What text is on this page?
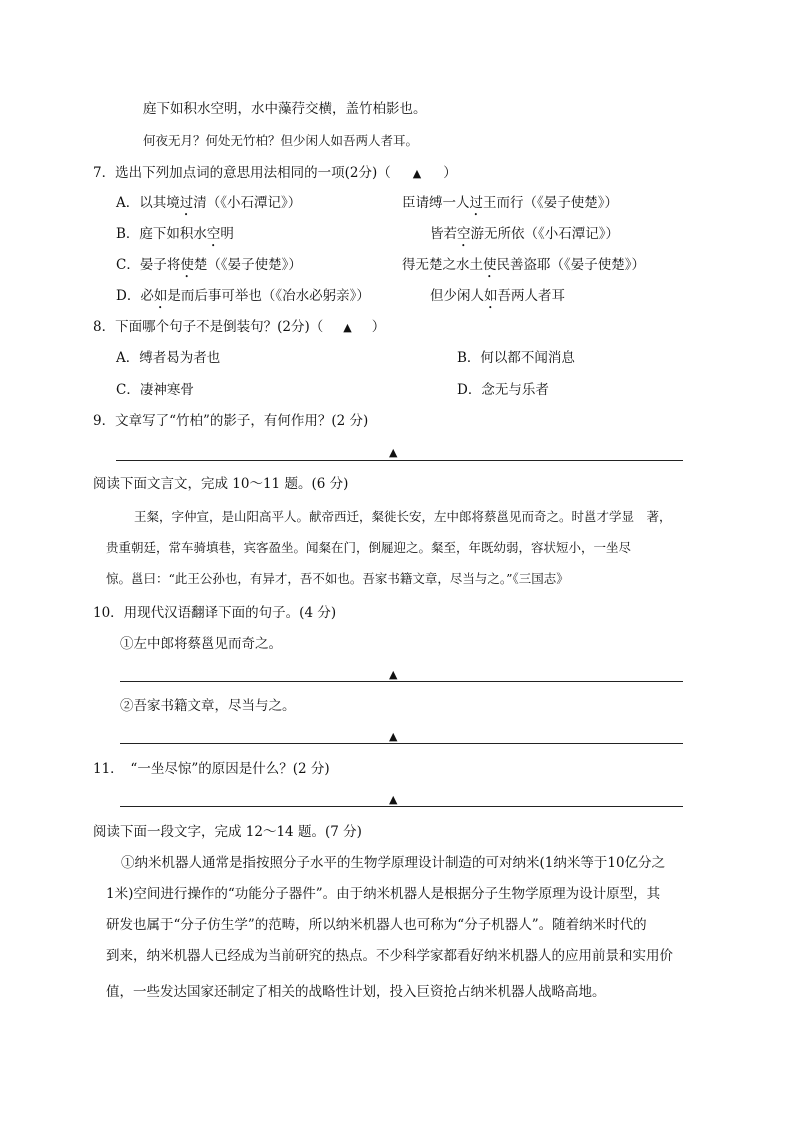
庭下如积水空明，水中藻荇交横，盖竹柏影也。
何夜无月？何处无竹柏？但少闲人如吾两人者耳。
7．选出下列加点词的意思用法相同的一项(2分)（ ▲ ）
A．以其境过清（《小石潭记》）	臣请缚一人过王而行（《晏子使楚》）
B．庭下如积水空明	皆若空游无所依（《小石潭记》）
C．晏子将使楚（《晏子使楚》）	得无楚之水土使民善盗耶（《晏子使楚》）
D．必如是而后事可举也（《冶水必躬亲》）	但少闲人如吾两人者耳
8．下面哪个句子不是倒装句？(2分)（ ▲ ）
A．缚者曷为者也	B．何以都不闻消息
C．凄神寒骨	D．念无与乐者
9．文章写了“竹柏”的影子，有何作用？(2 分)
▲
阅读下面文言文，完成 10～11 题。(6 分)
王粲，字仲宣，是山阳高平人。献帝西迁，粲徙长安，左中郎将蔡邕见而奇之。时邕才学显　著，
贵重朝廷，常车骑填巷，宾客盈坐。闻粲在门，倒屣迎之。粲至，年既幼弱，容状短小，一坐尽
惊。邕曰：“此王公孙也，有异才，吾不如也。吾家书籍文章，尽当与之。”《三国志》
10．用现代汉语翻译下面的句子。(4 分)
①左中郎将蔡邕见而奇之。
▲
②吾家书籍文章，尽当与之。
▲
11．　“一坐尽惊”的原因是什么？(2 分)
▲
阅读下面一段文字，完成 12～14 题。(7 分)
①纳米机器人通常是指按照分子水平的生物学原理设计制造的可对纳米(1纳米等于10亿分之
1米)空间进行操作的“功能分子器件”。由于纳米机器人是根据分子生物学原理为设计原型，其
研发也属于“分子仿生学”的范畴，所以纳米机器人也可称为“分子机器人”。随着纳米时代的
到来，纳米机器人已经成为当前研究的热点。不少科学家都看好纳米机器人的应用前景和实用价
值，一些发达国家还制定了相关的战略性计划，投入巨资抢占纳米机器人战略高地。
